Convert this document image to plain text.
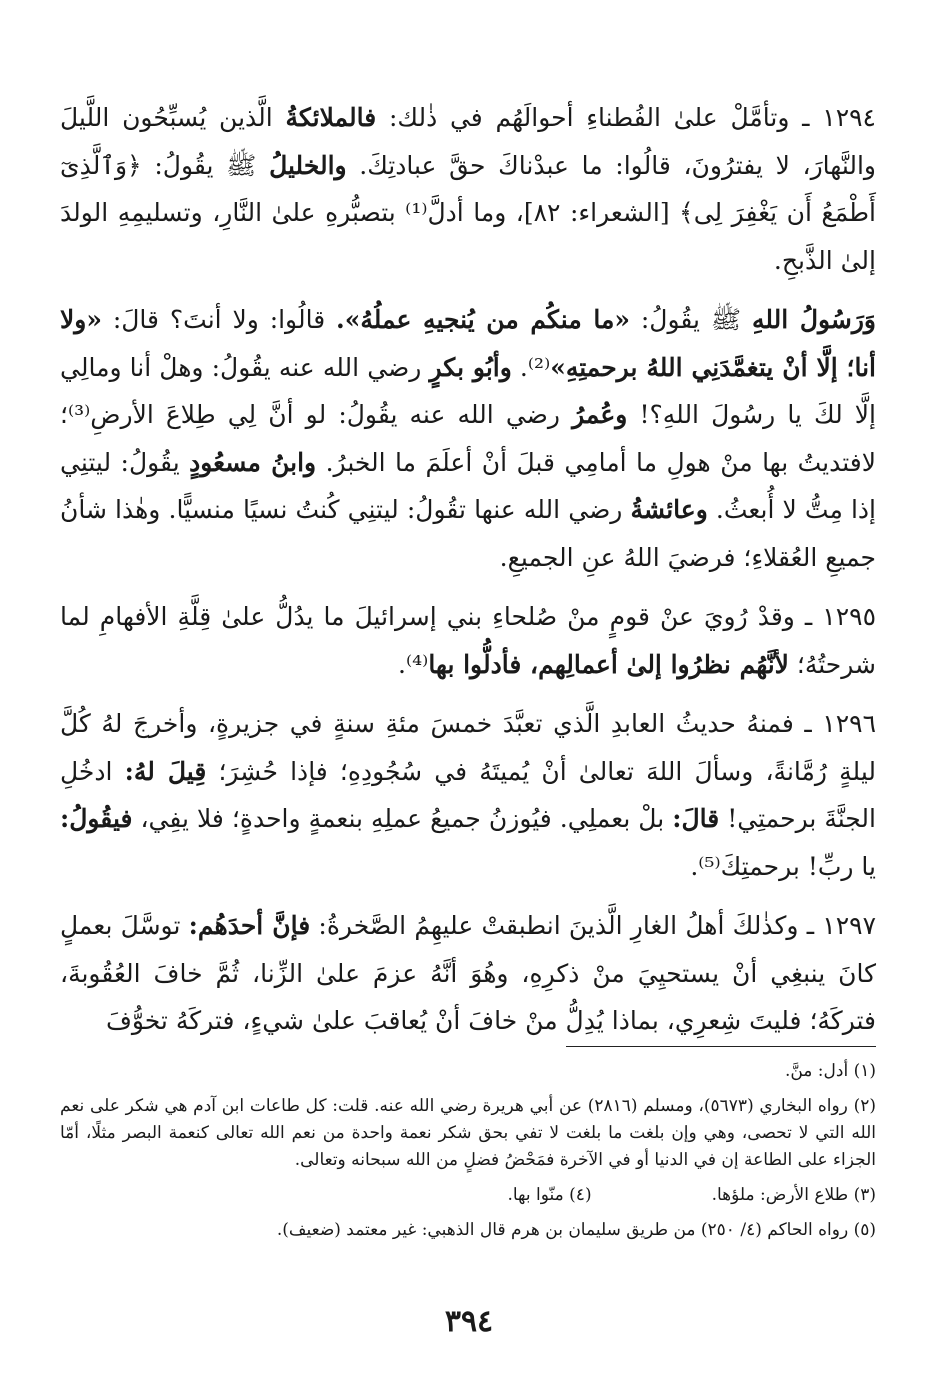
١٢٩٤ ـ وتأمَّلْ علىٰ الفُطناءِ أحوالَهُم في ذٰلك: فالملائكةُ الَّذين يُسبِّحُون اللَّيلَ والنَّهارَ، لا يفترُونَ، قالُوا: ما عبدْناكَ حقَّ عبادتِكَ. والخليلُ ﷺ يقُولُ: ﴿وَٱلَّذِىٓ أَطْمَعُ أَن يَغْفِرَ لِى﴾ [الشعراء: ٨٢]، وما أدلَّ⁽¹⁾ بتصبُّرهِ علىٰ النَّارِ، وتسليمِهِ الولدَ إلىٰ الذَّبحِ.

وَرَسُولُ اللهِ ﷺ يقُولُ: «ما منكُم من يُنجيهِ عملُهُ». قالُوا: ولا أنتَ؟ قالَ: «ولا أنا؛ إلَّا أنْ يتغمَّدَنِي اللهُ برحمتِهِ»⁽²⁾. وأبُو بكرٍ رضي الله عنه يقُولُ: وهلْ أنا ومالِي إلَّا لكَ يا رسُولَ اللهِ؟! وعُمرُ رضي الله عنه يقُولُ: لو أنَّ لِي طِلاعَ الأرضِ⁽³⁾؛ لافتديتُ بها منْ هولِ ما أمامِي قبلَ أنْ أعلَمَ ما الخبرُ. وابنُ مسعُودٍ يقُولُ: ليتنِي إذا مِتُّ لا أُبعثُ. وعائشةُ رضي الله عنها تقُولُ: ليتنِي كُنتُ نسيًا منسيًّا. وهٰذا شأنُ جميعِ العُقلاءِ؛ فرضيَ اللهُ عنِ الجميعِ.

١٢٩٥ ـ وقدْ رُويَ عنْ قومٍ منْ صُلحاءِ بني إسرائيلَ ما يدُلُّ علىٰ قِلَّةِ الأفهامِ لما شرحتُهُ؛ لأنَّهُم نظرُوا إلىٰ أعمالِهم، فأدلُّوا بها⁽⁴⁾.

١٢٩٦ ـ فمنهُ حديثُ العابدِ الَّذي تعبَّدَ خمسَ مئةِ سنةٍ في جزيرةٍ، وأخرجَ لهُ كُلَّ ليلةٍ رُمَّانةً، وسألَ اللهَ تعالىٰ أنْ يُميتَهُ في سُجُودِهِ؛ فإذا حُشِرَ؛ قِيلَ لهُ: ادخُلِ الجنَّةَ برحمتِي! قالَ: بلْ بعملِي. فيُوزنُ جميعُ عملِهِ بنعمةٍ واحدةٍ؛ فلا يفِي، فيقُولُ: يا ربِّ! برحمتِكَ⁽⁵⁾.

١٢٩٧ ـ وكذٰلكَ أهلُ الغارِ الَّذينَ انطبقتْ عليهِمُ الصَّخرةُ: فإنَّ أحدَهُم: توسَّلَ بعملٍ كانَ ينبغِي أنْ يستحيِيَ منْ ذكرِهِ، وهُوَ أنَّهُ عزمَ علىٰ الزِّنا، ثُمَّ خافَ العُقُوبةَ، فتركَهُ؛ فليتَ شِعرِي، بماذا يُدِلُّ منْ خافَ أنْ يُعاقبَ علىٰ شيءٍ، فتركَهُ تخوُّفَ

(١) أدل: منَّ.
(٢) رواه البخاري (٥٦٧٣)، ومسلم (٢٨١٦) عن أبي هريرة رضي الله عنه. قلت: كل طاعات ابن آدم هي شكر على نعم الله التي لا تحصى، وهي وإن بلغت ما بلغت لا تفي بحق شكر نعمة واحدة من نعم الله تعالى كنعمة البصر مثلًا، أمّا الجزاء على الطاعة إن في الدنيا أو في الآخرة فمَحْضُ فضلٍ من الله سبحانه وتعالى.
(٣) طلاع الأرض: ملؤها.
(٤) منّوا بها.
(٥) رواه الحاكم (٤/ ٢٥٠) من طريق سليمان بن هرم قال الذهبي: غير معتمد (ضعيف).
٣٩٤
